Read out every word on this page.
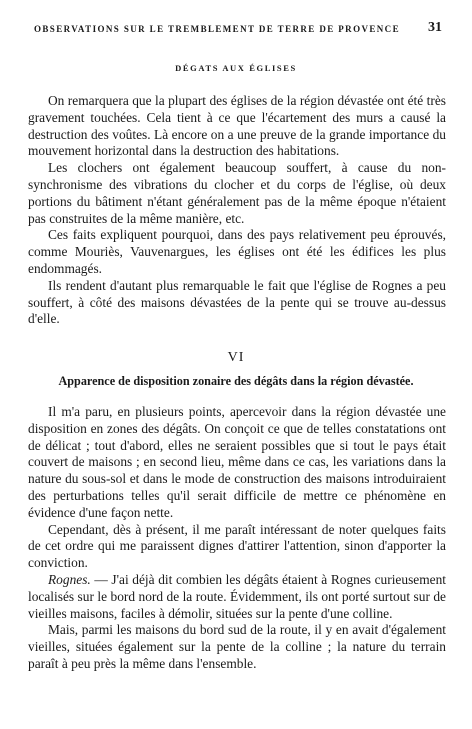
OBSERVATIONS SUR LE TREMBLEMENT DE TERRE DE PROVENCE	31
DÉGATS AUX ÉGLISES

On remarquera que la plupart des églises de la région dévastée ont été très gravement touchées. Cela tient à ce que l'écartement des murs a causé la destruction des voûtes. Là encore on a une preuve de la grande importance du mouvement horizontal dans la destruction des habitations.

Les clochers ont également beaucoup souffert, à cause du non-synchronisme des vibrations du clocher et du corps de l'église, où deux portions du bâtiment n'étant généralement pas de la même époque n'étaient pas construites de la même manière, etc.

Ces faits expliquent pourquoi, dans des pays relativement peu éprouvés, comme Mouriès, Vauvenargues, les églises ont été les édifices les plus endommagés.

Ils rendent d'autant plus remarquable le fait que l'église de Rognes a peu souffert, à côté des maisons dévastées de la pente qui se trouve au-dessus d'elle.

VI
Apparence de disposition zonaire des dégâts dans la région dévastée.

Il m'a paru, en plusieurs points, apercevoir dans la région dévastée une disposition en zones des dégâts. On conçoit ce que de telles constatations ont de délicat ; tout d'abord, elles ne seraient possibles que si tout le pays était couvert de maisons ; en second lieu, même dans ce cas, les variations dans la nature du sous-sol et dans le mode de construction des maisons introduiraient des perturbations telles qu'il serait difficile de mettre ce phénomène en évidence d'une façon nette.

Cependant, dès à présent, il me paraît intéressant de noter quelques faits de cet ordre qui me paraissent dignes d'attirer l'attention, sinon d'apporter la conviction.

Rognes. — J'ai déjà dit combien les dégâts étaient à Rognes curieusement localisés sur le bord nord de la route. Évidemment, ils ont porté surtout sur de vieilles maisons, faciles à démolir, situées sur la pente d'une colline.

Mais, parmi les maisons du bord sud de la route, il y en avait d'également vieilles, situées également sur la pente de la colline ; la nature du terrain paraît à peu près la même dans l'ensemble.
